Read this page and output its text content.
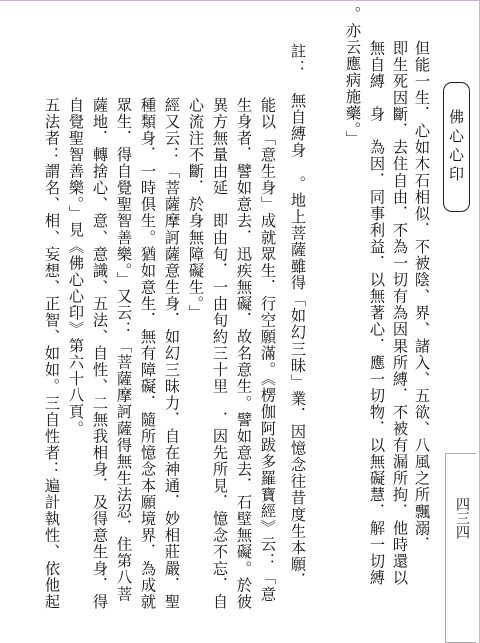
佛心心印
四三四
但能一生．心如木石相似．不被陰、界、諸入、五欲、八風之所飄溺．
即生死因斷．去住自由．不為一切有為因果所縛．不被有漏所拘．他時還以
無自縛　身　為因．同事利益．以無著心．應一切物．以無礙慧．解一切縛
。亦云應病施藥。」
註：　無自縛身　。地上菩薩雖得「如幻三昧」業．因憶念往昔度生本願．
能以「意生身」成就眾生．行空願滿。《楞伽阿跋多羅寶經》云：「意
生身者．譬如意去．迅疾無礙．故名意生。譬如意去．石壁無礙。於彼
異方無量由延　即由旬．一由旬約三十里　．因先所見．憶念不忘．自
心流注不斷．於身無障礙生。」
經又云：「菩薩摩訶薩意生身．如幻三昧力．自在神通．妙相莊嚴．聖
種類身．一時俱生。猶如意生．無有障礙．隨所憶念本願境界．為成就
眾生．得自覺聖智善樂。」又云：「菩薩摩訶薩得無生法忍．住第八菩
薩地．轉捨心、意、意識、五法、自性、二無我相身．及得意生身．得
自覺聖智善樂。」見《佛心心印》第六十八頁。
五法者：謂名、相、妄想、正智、如如。三自性者：遍計執性、依他起
